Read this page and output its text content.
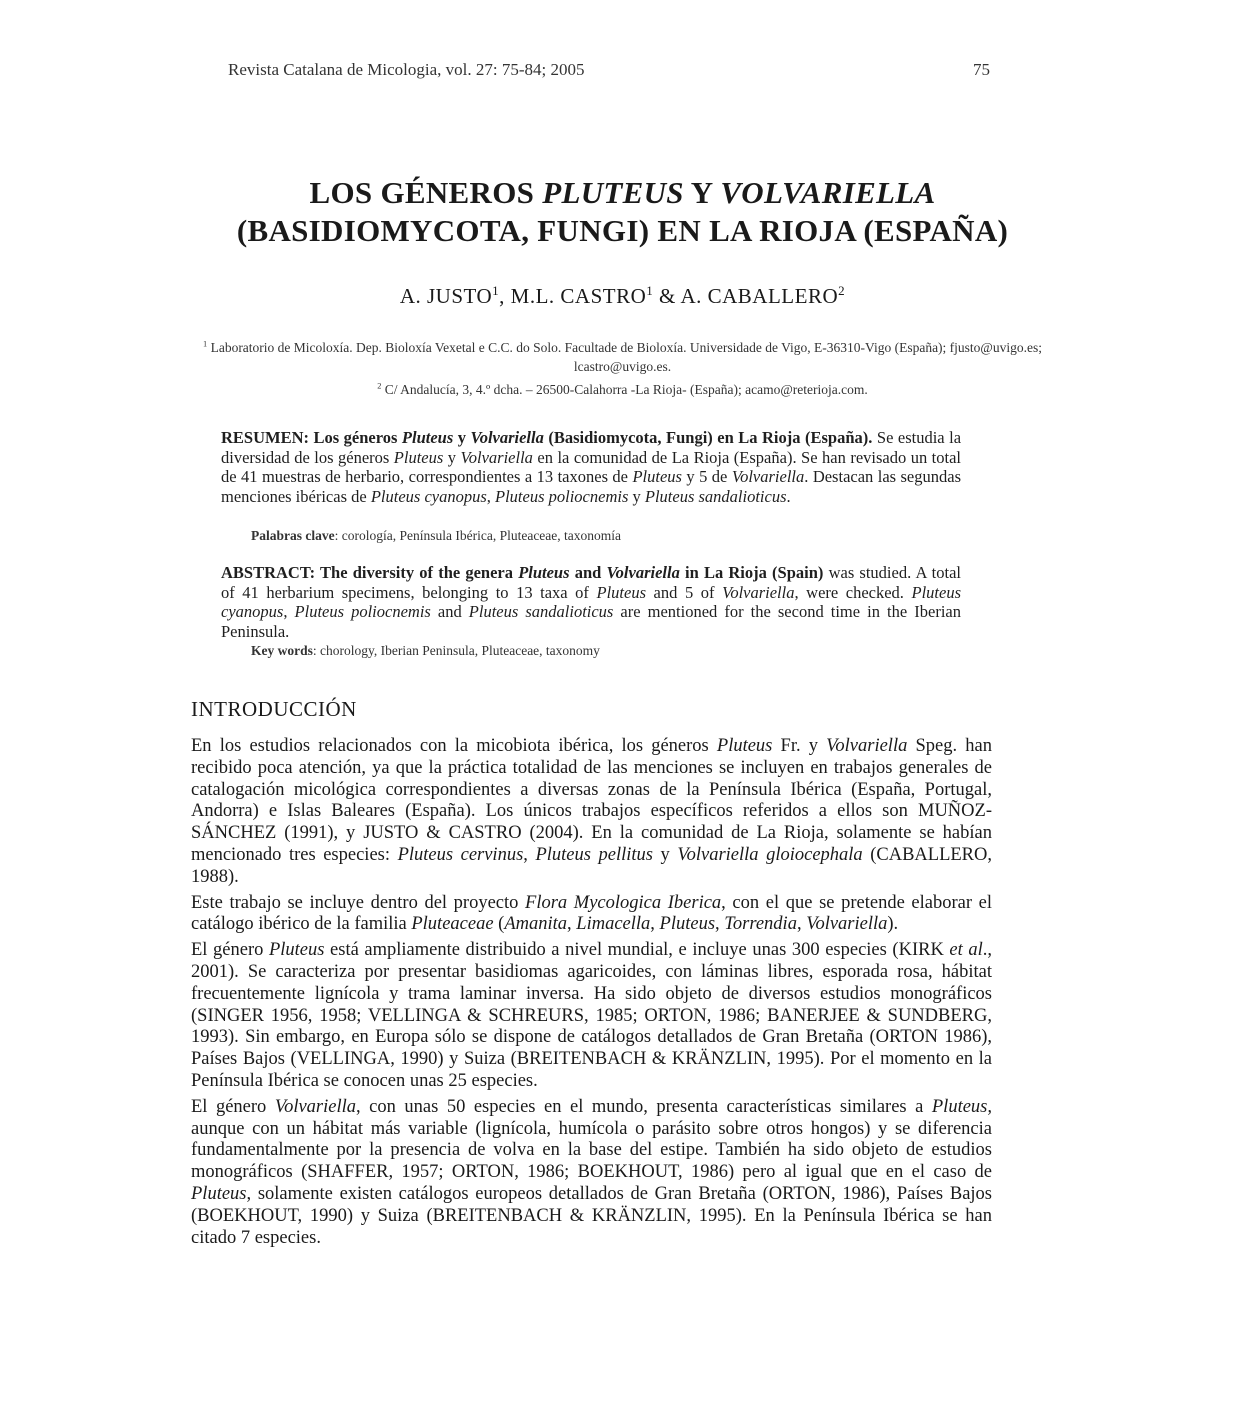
Revista Catalana de Micologia, vol. 27: 75-84; 2005	75
LOS GÉNEROS PLUTEUS Y VOLVARIELLA
(BASIDIOMYCOTA, FUNGI) EN LA RIOJA (ESPAÑA)
A. JUSTO$^1$, M.L. CASTRO$^1$ & A. CABALLERO$^2$
$^1$ Laboratorio de Micoloxía. Dep. Bioloxía Vexetal e C.C. do Solo. Facultade de Bioloxía. Universidade de Vigo, E-36310-Vigo (España); fjusto@uvigo.es; lcastro@uvigo.es.
$^2$ C/ Andalucía, 3, 4.º dcha. – 26500-Calahorra -La Rioja- (España); acamo@reterioja.com.
RESUMEN: Los géneros Pluteus y Volvariella (Basidiomycota, Fungi) en La Rioja (España). Se estudia la diversidad de los géneros Pluteus y Volvariella en la comunidad de La Rioja (España). Se han revisado un total de 41 muestras de herbario, correspondientes a 13 taxones de Pluteus y 5 de Volvariella. Destacan las segundas menciones ibéricas de Pluteus cyanopus, Pluteus poliocnemis y Pluteus sandalioticus.
Palabras clave: corología, Península Ibérica, Pluteaceae, taxonomía
ABSTRACT: The diversity of the genera Pluteus and Volvariella in La Rioja (Spain) was studied. A total of 41 herbarium specimens, belonging to 13 taxa of Pluteus and 5 of Volvariella, were checked. Pluteus cyanopus, Pluteus poliocnemis and Pluteus sandalioticus are mentioned for the second time in the Iberian Peninsula.
Key words: chorology, Iberian Peninsula, Pluteaceae, taxonomy
INTRODUCCIÓN

En los estudios relacionados con la micobiota ibérica, los géneros Pluteus Fr. y Volvariella Speg. han recibido poca atención, ya que la práctica totalidad de las menciones se incluyen en trabajos generales de catalogación micológica correspondientes a diversas zonas de la Península Ibérica (España, Portugal, Andorra) e Islas Baleares (España). Los únicos trabajos específicos referidos a ellos son MUÑOZ-SÁNCHEZ (1991), y JUSTO & CASTRO (2004). En la comunidad de La Rioja, solamente se habían mencionado tres especies: Pluteus cervinus, Pluteus pellitus y Volvariella gloiocephala (CABALLERO, 1988).

Este trabajo se incluye dentro del proyecto Flora Mycologica Iberica, con el que se pretende elaborar el catálogo ibérico de la familia Pluteaceae (Amanita, Limacella, Pluteus, Torrendia, Volvariella).

El género Pluteus está ampliamente distribuido a nivel mundial, e incluye unas 300 especies (KIRK et al., 2001). Se caracteriza por presentar basidiomas agaricoides, con láminas libres, esporada rosa, hábitat frecuentemente lignícola y trama laminar inversa. Ha sido objeto de diversos estudios monográficos (SINGER 1956, 1958; VELLINGA & SCHREURS, 1985; ORTON, 1986; BANERJEE & SUNDBERG, 1993). Sin embargo, en Europa sólo se dispone de catálogos detallados de Gran Bretaña (ORTON 1986), Países Bajos (VELLINGA, 1990) y Suiza (BREITENBACH & KRÄNZLIN, 1995). Por el momento en la Península Ibérica se conocen unas 25 especies.

El género Volvariella, con unas 50 especies en el mundo, presenta características similares a Pluteus, aunque con un hábitat más variable (lignícola, humícola o parásito sobre otros hongos) y se diferencia fundamentalmente por la presencia de volva en la base del estipe. También ha sido objeto de estudios monográficos (SHAFFER, 1957; ORTON, 1986; BOEKHOUT, 1986) pero al igual que en el caso de Pluteus, solamente existen catálogos europeos detallados de Gran Bretaña (ORTON, 1986), Países Bajos (BOEKHOUT, 1990) y Suiza (BREITENBACH & KRÄNZLIN, 1995). En la Península Ibérica se han citado 7 especies.
